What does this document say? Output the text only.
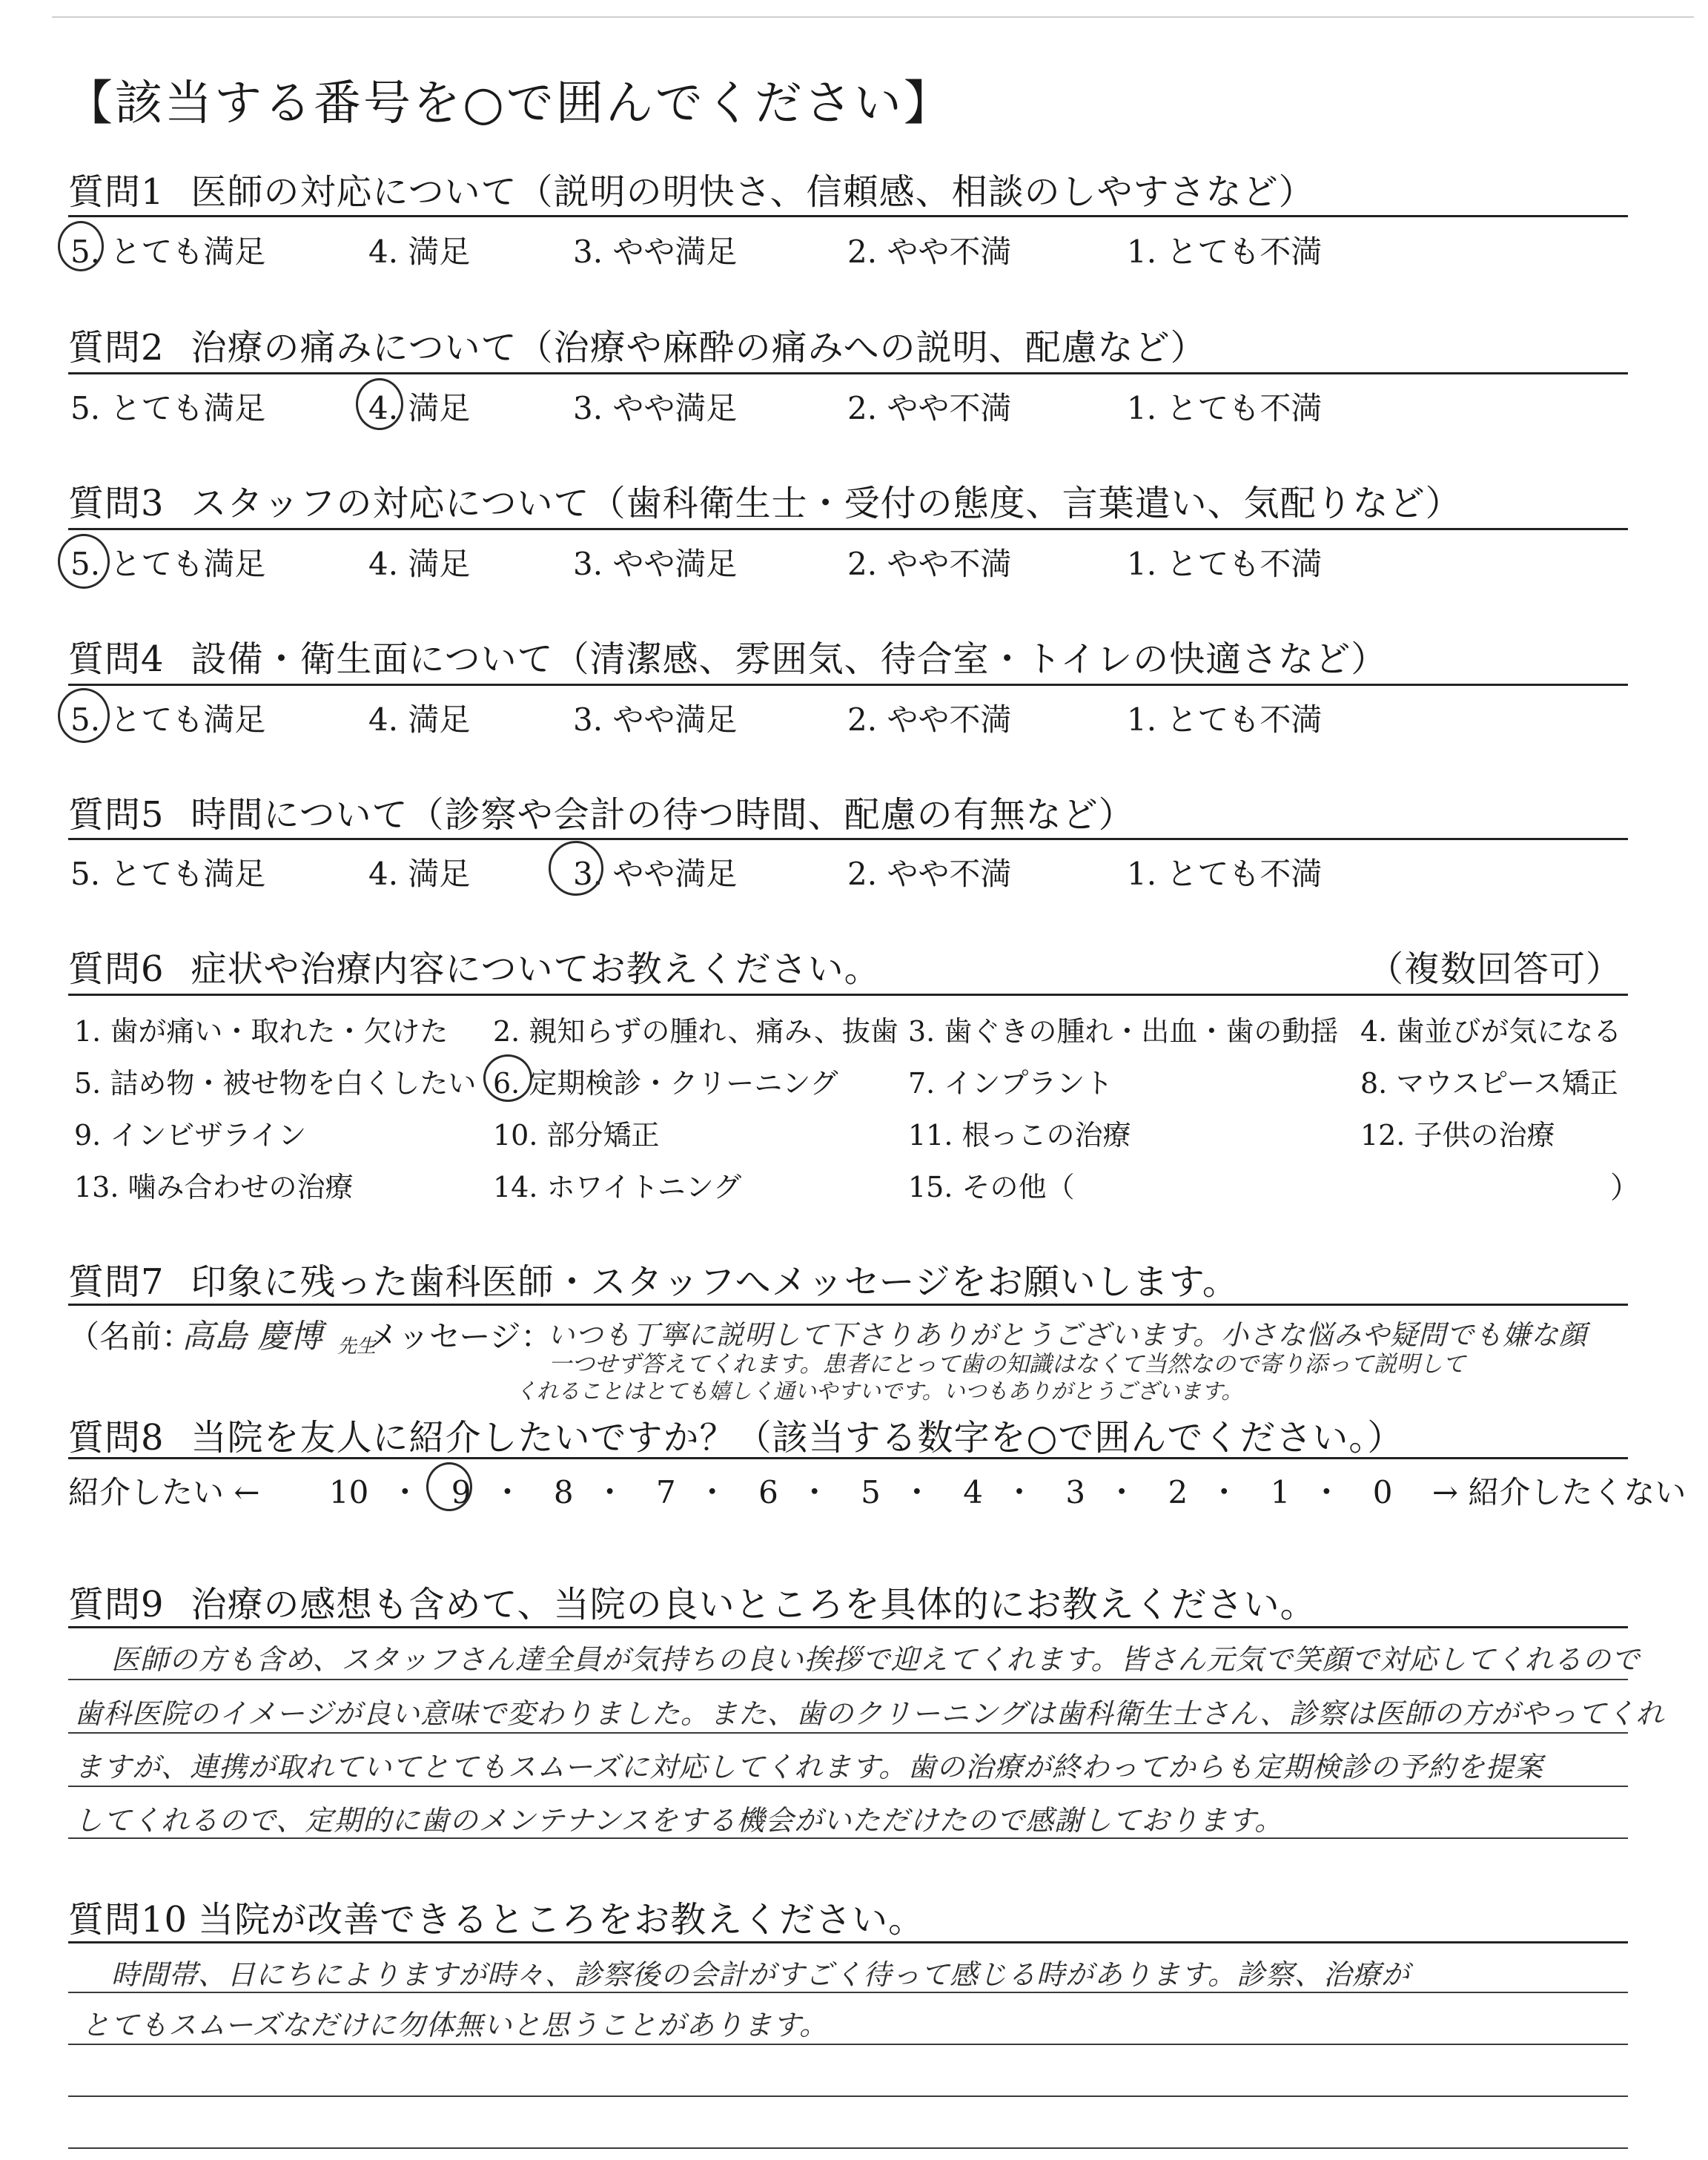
【該当する番号を○で囲んでください】
質問1 医師の対応について（説明の明快さ、信頼感、相談のしやすさなど）
5. とても満足	4. 満足	3. やや満足	2. やや不満	1. とても不満
質問2 治療の痛みについて（治療や麻酔の痛みへの説明、配慮など）
5. とても満足	4. 満足	3. やや満足	2. やや不満	1. とても不満
質問3 スタッフの対応について（歯科衛生士・受付の態度、言葉遣い、気配りなど）
5. とても満足	4. 満足	3. やや満足	2. やや不満	1. とても不満
質問4 設備・衛生面について（清潔感、雰囲気、待合室・トイレの快適さなど）
5. とても満足	4. 満足	3. やや満足	2. やや不満	1. とても不満
質問5 時間について（診察や会計の待つ時間、配慮の有無など）
5. とても満足	4. 満足	3. やや満足	2. やや不満	1. とても不満
質問6 症状や治療内容についてお教えください。	（複数回答可）
1. 歯が痛い・取れた・欠けた 2. 親知らずの腫れ、痛み、抜歯 3. 歯ぐきの腫れ・出血・歯の動揺 4. 歯並びが気になる
5. 詰め物・被せ物を白くしたい 6. 定期検診・クリーニング 7. インプラント	8. マウスピース矯正
9. インビザライン	10. 部分矯正	11. 根っこの治療	12. 子供の治療
13. 噛み合わせの治療	14. ホワイトニング	15. その他（	）
質問7 印象に残った歯科医師・スタッフへメッセージをお願いします。
（名前：
高島 慶博 先生
メッセージ：
いつも丁寧に説明して下さりありがとうございます。小さな悩みや疑問でも嫌な顔
一つせず答えてくれます。患者にとって歯の知識はなくて当然なので寄り添って説明して
くれることはとても嬉しく通いやすいです。いつもありがとうございます。
質問8 当院を友人に紹介したいですか？（該当する数字を○で囲んでください。）
紹介したい ← 10 ・ 9 ・ 8 ・ 7 ・ 6 ・ 5 ・ 4 ・ 3 ・ 2 ・ 1 ・ 0 → 紹介したくない
質問9 治療の感想も含めて、当院の良いところを具体的にお教えください。
医師の方も含め、スタッフさん達全員が気持ちの良い挨拶で迎えてくれます。皆さん元気で笑顔で対応してくれるので
歯科医院のイメージが良い意味で変わりました。また、歯のクリーニングは歯科衛生士さん、診察は医師の方がやってくれ
ますが、連携が取れていてとてもスムーズに対応してくれます。歯の治療が終わってからも定期検診の予約を提案
してくれるので、定期的に歯のメンテナンスをする機会がいただけたので感謝しております。
質問10 当院が改善できるところをお教えください。
時間帯、日にちによりますが時々、診察後の会計がすごく待って感じる時があります。診察、治療が
とてもスムーズなだけに勿体無いと思うことがあります。
